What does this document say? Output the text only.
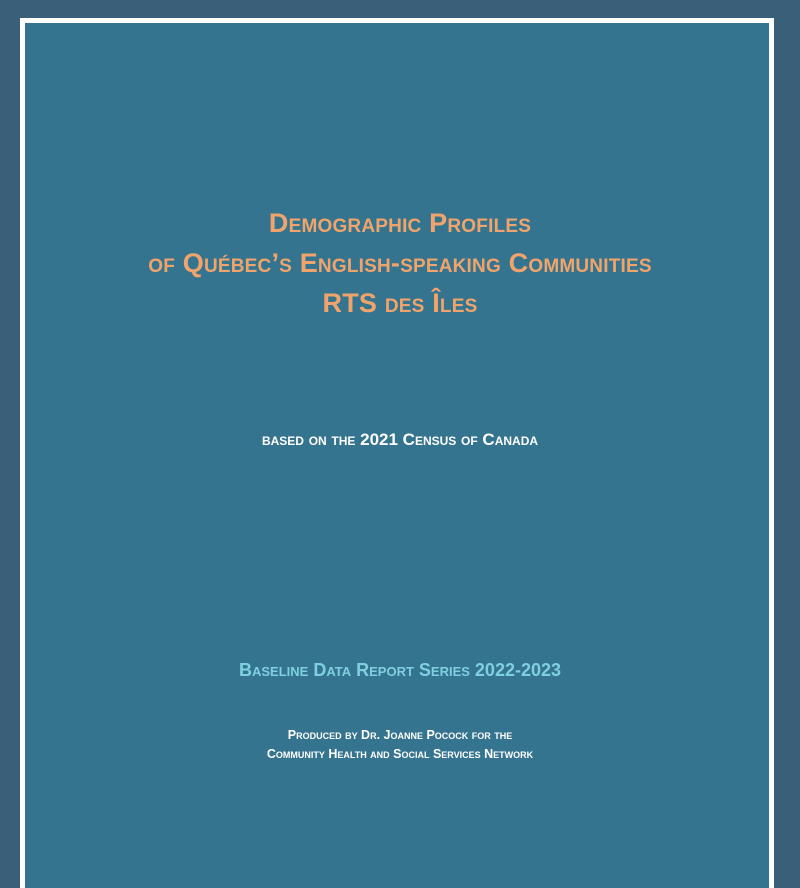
Demographic Profiles
of Québec’s English-speaking Communities
RTS des Îles
based on the 2021 Census of Canada
Baseline Data Report Series 2022-2023
Produced by Dr. Joanne Pocock for the
Community Health and Social Services Network
